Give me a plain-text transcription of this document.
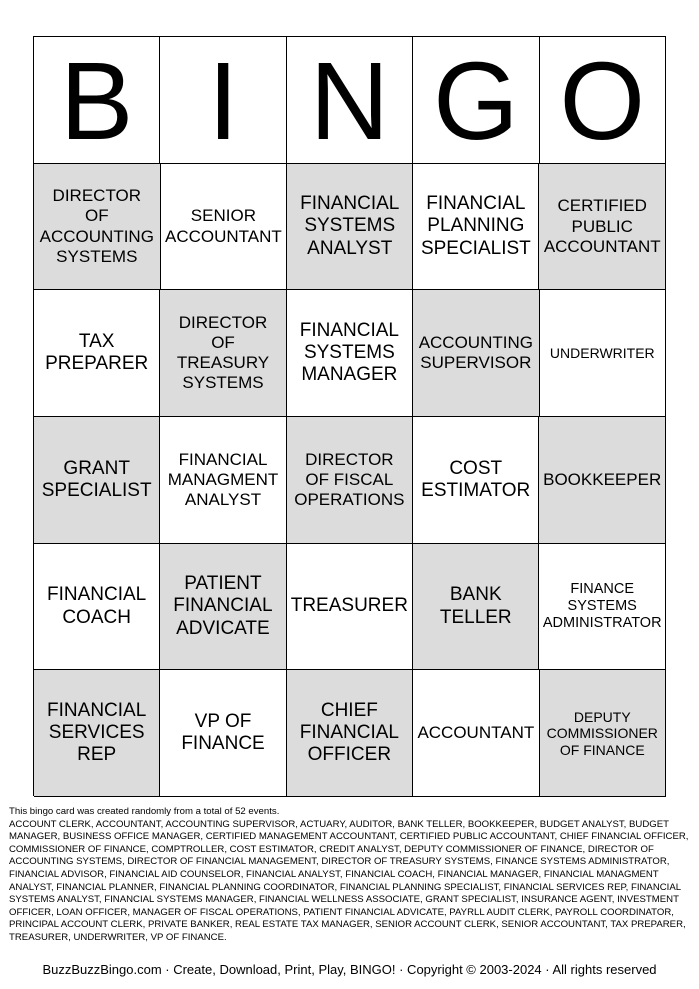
B I N G O
DIRECTOR OF ACCOUNTING SYSTEMS
SENIOR ACCOUNTANT
FINANCIAL SYSTEMS ANALYST
FINANCIAL PLANNING SPECIALIST
CERTIFIED PUBLIC ACCOUNTANT
TAX PREPARER
DIRECTOR OF TREASURY SYSTEMS
FINANCIAL SYSTEMS MANAGER
ACCOUNTING SUPERVISOR
UNDERWRITER
GRANT SPECIALIST
FINANCIAL MANAGMENT ANALYST
DIRECTOR OF FISCAL OPERATIONS
COST ESTIMATOR
BOOKKEEPER
FINANCIAL COACH
PATIENT FINANCIAL ADVICATE
TREASURER
BANK TELLER
FINANCE SYSTEMS ADMINISTRATOR
FINANCIAL SERVICES REP
VP OF FINANCE
CHIEF FINANCIAL OFFICER
ACCOUNTANT
DEPUTY COMMISSIONER OF FINANCE
This bingo card was created randomly from a total of 52 events.
ACCOUNT CLERK, ACCOUNTANT, ACCOUNTING SUPERVISOR, ACTUARY, AUDITOR, BANK TELLER, BOOKKEEPER, BUDGET ANALYST, BUDGET MANAGER, BUSINESS OFFICE MANAGER, CERTIFIED MANAGEMENT ACCOUNTANT, CERTIFIED PUBLIC ACCOUNTANT, CHIEF FINANCIAL OFFICER, COMMISSIONER OF FINANCE, COMPTROLLER, COST ESTIMATOR, CREDIT ANALYST, DEPUTY COMMISSIONER OF FINANCE, DIRECTOR OF ACCOUNTING SYSTEMS, DIRECTOR OF FINANCIAL MANAGEMENT, DIRECTOR OF TREASURY SYSTEMS, FINANCE SYSTEMS ADMINISTRATOR, FINANCIAL ADVISOR, FINANCIAL AID COUNSELOR, FINANCIAL ANALYST, FINANCIAL COACH, FINANCIAL MANAGER, FINANCIAL MANAGMENT ANALYST, FINANCIAL PLANNER, FINANCIAL PLANNING COORDINATOR, FINANCIAL PLANNING SPECIALIST, FINANCIAL SERVICES REP, FINANCIAL SYSTEMS ANALYST, FINANCIAL SYSTEMS MANAGER, FINANCIAL WELLNESS ASSOCIATE, GRANT SPECIALIST, INSURANCE AGENT, INVESTMENT OFFICER, LOAN OFFICER, MANAGER OF FISCAL OPERATIONS, PATIENT FINANCIAL ADVICATE, PAYRLL AUDIT CLERK, PAYROLL COORDINATOR, PRINCIPAL ACCOUNT CLERK, PRIVATE BANKER, REAL ESTATE TAX MANAGER, SENIOR ACCOUNT CLERK, SENIOR ACCOUNTANT, TAX PREPARER, TREASURER, UNDERWRITER, VP OF FINANCE.
BuzzBuzzBingo.com · Create, Download, Print, Play, BINGO! · Copyright © 2003-2024 · All rights reserved
